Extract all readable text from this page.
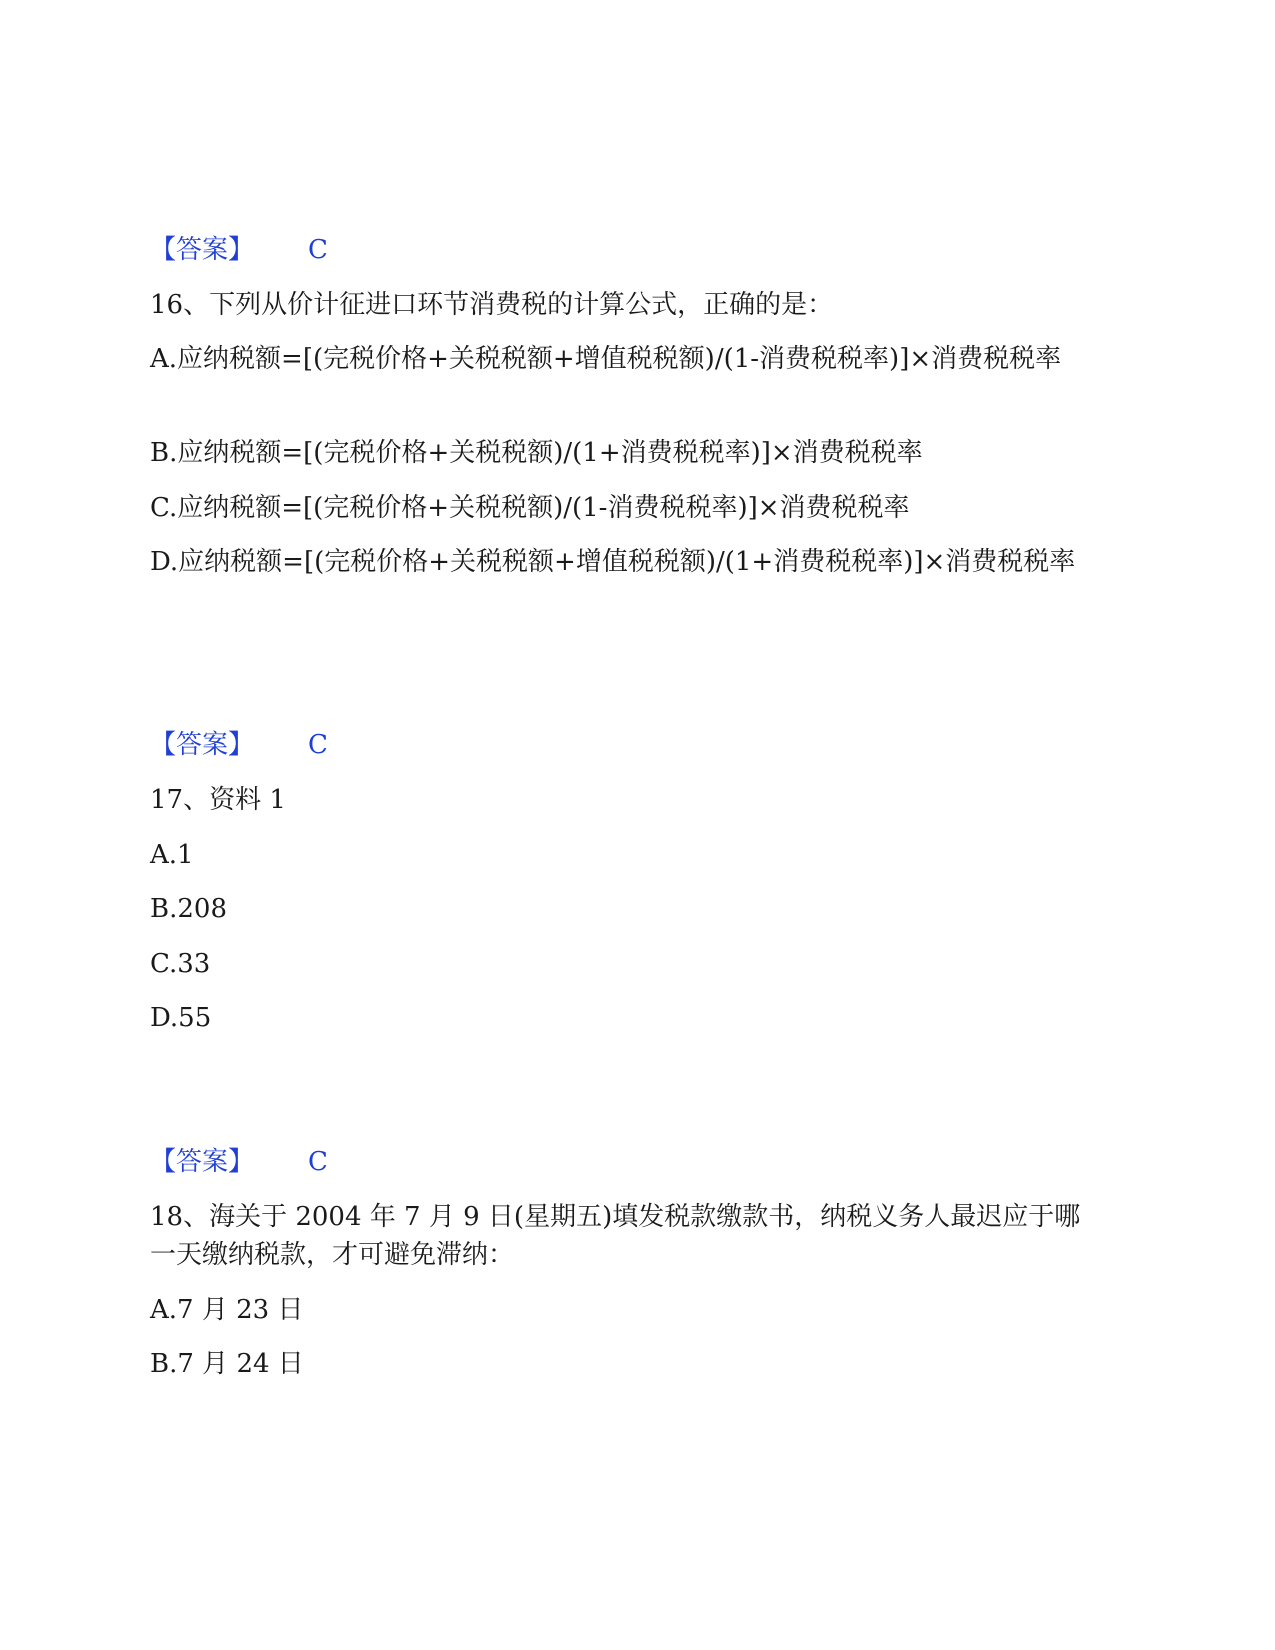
【答案】 C
16、下列从价计征进口环节消费税的计算公式，正确的是：
A.应纳税额=[(完税价格+关税税额+增值税税额)/(1-消费税税率)]×消费税税率
B.应纳税额=[(完税价格+关税税额)/(1+消费税税率)]×消费税税率
C.应纳税额=[(完税价格+关税税额)/(1-消费税税率)]×消费税税率
D.应纳税额=[(完税价格+关税税额+增值税税额)/(1+消费税税率)]×消费税税率
【答案】 C
17、资料 1
A.1
B.208
C.33
D.55
【答案】 C
18、海关于 2004 年 7 月 9 日(星期五)填发税款缴款书，纳税义务人最迟应于哪一天缴纳税款，才可避免滞纳：
A.7 月 23 日
B.7 月 24 日
